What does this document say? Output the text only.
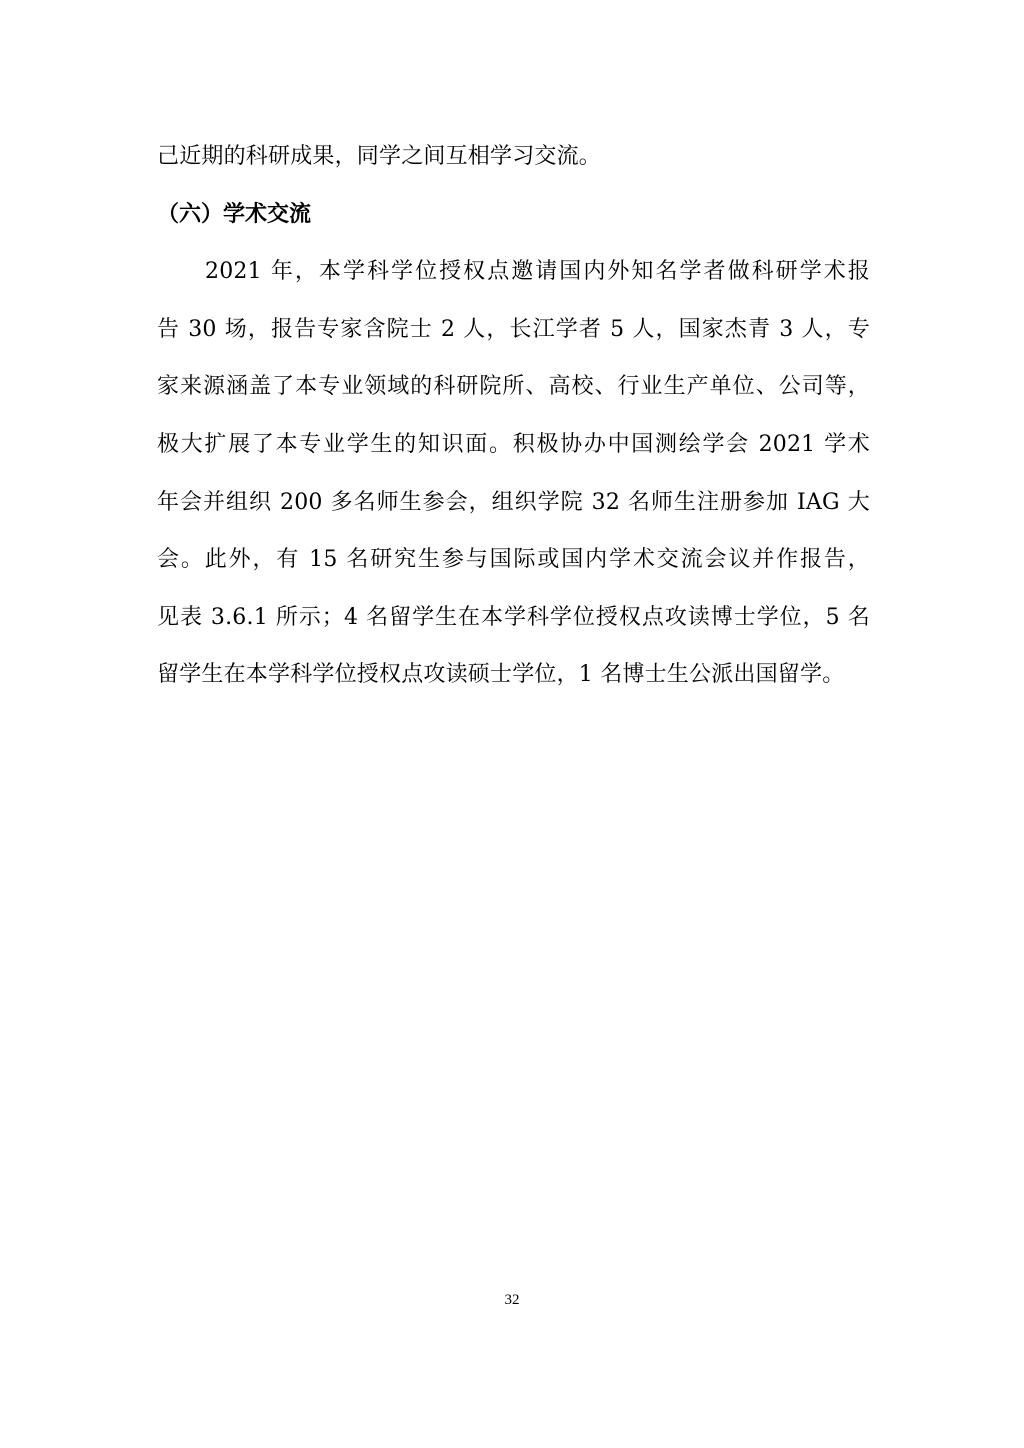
己近期的科研成果，同学之间互相学习交流。
（六）学术交流
2021 年，本学科学位授权点邀请国内外知名学者做科研学术报
告 30 场，报告专家含院士 2 人，长江学者 5 人，国家杰青 3 人，专
家来源涵盖了本专业领域的科研院所、高校、行业生产单位、公司等，
极大扩展了本专业学生的知识面。积极协办中国测绘学会 2021 学术
年会并组织 200 多名师生参会，组织学院 32 名师生注册参加 IAG 大
会。此外，有 15 名研究生参与国际或国内学术交流会议并作报告，
见表 3.6.1 所示；4 名留学生在本学科学位授权点攻读博士学位，5 名
留学生在本学科学位授权点攻读硕士学位，1 名博士生公派出国留学。
32
